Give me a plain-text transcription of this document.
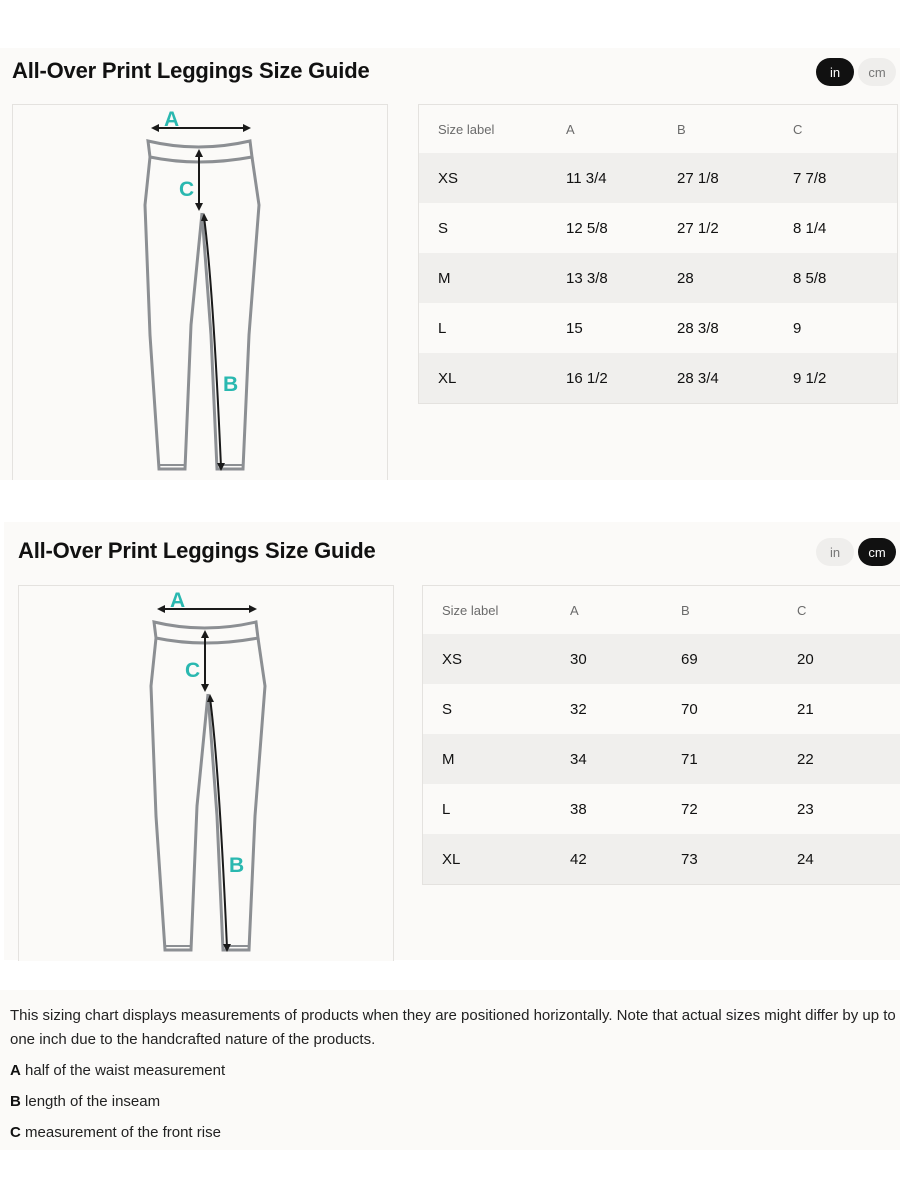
All-Over Print Leggings Size Guide	in	cm
A
C
B
Size label	A	B	C
XS	11 3/4	27 1/8	7 7/8
S	12 5/8	27 1/2	8 1/4
M	13 3/8	28	8 5/8
L	15	28 3/8	9
XL	16 1/2	28 3/4	9 1/2
All-Over Print Leggings Size Guide	in	cm
A
C
B
Size label	A	B	C
XS	30	69	20
S	32	70	21
M	34	71	22
L	38	72	23
XL	42	73	24
This sizing chart displays measurements of products when they are positioned horizontally. Note that actual sizes might differ by up to one inch due to the handcrafted nature of the products.
A half of the waist measurement
B length of the inseam
C measurement of the front rise
